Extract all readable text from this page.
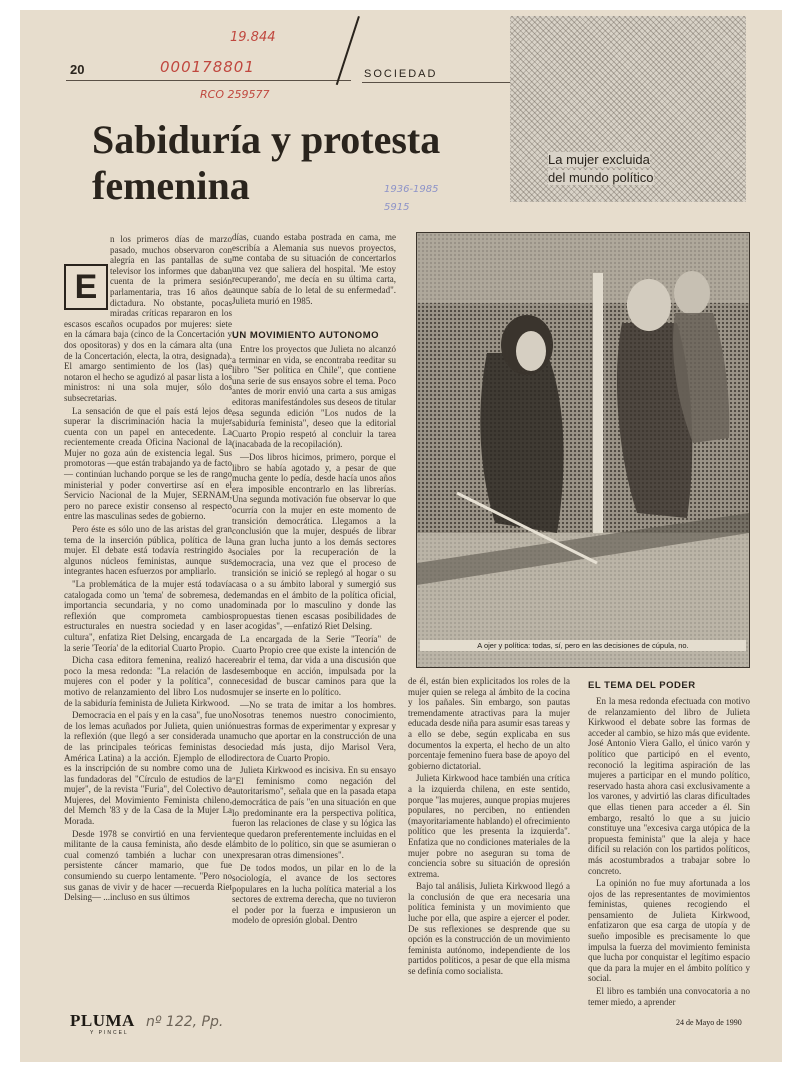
19.844
000178801
RCO 259577
1936-1985
20	SOCIEDAD
La mujer excluida
del mundo político
Sabiduría y protesta
femenina
E

n los primeros días de marzo pasado, muchos observaron con alegría en las pantallas de su televisor los informes que daban cuenta de la primera sesión parlamentaria, tras 16 años de dictadura. No obstante, pocas miradas críticas repararon en los escasos escaños ocupados por mujeres: siete en la cámara baja (cinco de la Concertación y dos opositoras) y dos en la cámara alta (una de la Concertación, electa, la otra, designada). El amargo sentimiento de los (las) que notaron el hecho se agudizó al pasar lista a los ministros: ni una sola mujer, sólo dos subsecretarias.

La sensación de que el país está lejos de superar la discriminación hacia la mujer cuenta con un papel en antecedente. La recientemente creada Oficina Nacional de la Mujer no goza aún de existencia legal. Sus promotoras —que están trabajando ya de facto— continúan luchando porque se les de rango ministerial y poder convertirse así en el Servicio Nacional de la Mujer, SERNAM, pero no parece existir consenso al respecto entre las masculinas sedes de gobierno.

Pero éste es sólo uno de las aristas del gran tema de la inserción pública, política de la mujer. El debate está todavía restringido a algunos núcleos feministas, aunque sus integrantes hacen esfuerzos por ampliarlo.

"La problemática de la mujer está todavía catalogada como un 'tema' de sobremesa, de importancia secundaria, y no como una reflexión que comprometa cambios estructurales en nuestra sociedad y en la cultura", enfatiza Riet Delsing, encargada de la serie 'Teoría' de la editorial Cuarto Propio.

Dicha casa editora femenina, realizó hace poco la mesa redonda: "La relación de las mujeres con el poder y la política", con motivo de relanzamiento del libro Los nudos de la sabiduría feminista de Julieta Kirkwood.

Democracia en el país y en la casa", fue uno de los lemas acuñados por Julieta, quien unió la reflexión (que llegó a ser considerada una de las principales teóricas feministas de América Latina) a la acción. Ejemplo de ello es la inscripción de su nombre como una de las fundadoras del "Círculo de estudios de la mujer", de la revista "Furia", del Colectivo de Mujeres, del Movimiento Feminista chileno, del Memch '83 y de la Casa de la Mujer La Morada.

Desde 1978 se convirtió en una ferviente militante de la causa feminista, año desde el cual comenzó también a luchar con un persistente cáncer mamario, que fue consumiendo su cuerpo lentamente. "Pero no sus ganas de vivir y de hacer —recuerda Riet Delsing— ...incluso en sus últimos

días, cuando estaba postrada en cama, me escribía a Alemania sus nuevos proyectos, me contaba de su situación de concertarlos una vez que saliera del hospital. 'Me estoy recuperando', me decía en su última carta, aunque sabía de lo letal de su enfermedad". Julieta murió en 1985.

5915
UN MOVIMIENTO AUTONOMO

Entre los proyectos que Julieta no alcanzó a terminar en vida, se encontraba reeditar su libro "Ser política en Chile", que contiene una serie de sus ensayos sobre el tema. Poco antes de morir envió una carta a sus amigas editoras manifestándoles sus deseos de titular esa segunda edición "Los nudos de la sabiduría feminista", deseo que la editorial Cuarto Propio respetó al concluir la tarea (inacabada de la recopilación).

—Dos libros hicimos, primero, porque el libro se había agotado y, a pesar de que mucha gente lo pedía, desde hacía unos años era imposible encontrarlo en las librerías. Una segunda motivación fue observar lo que ocurría con la mujer en este momento de transición democrática. Llegamos a la conclusión que la mujer, después de librar una gran lucha junto a los demás sectores sociales por la recuperación de la democracia, una vez que el proceso de transición se inició se replegó al hogar o su casa o a su ámbito laboral y sumergió sus demandas en el ámbito de la política oficial, dominada por lo masculino y donde las propuestas tienen escasas posibilidades de ser acogidas", —enfatizó Riet Delsing.

La encargada de la Serie "Teoría" de Cuarto Propio cree que existe la intención de reabrir el tema, dar vida a una discusión que desemboque en acción, impulsada por la necesidad de buscar caminos para que la mujer se inserte en lo político.

—No se trata de imitar a los hombres. Nosotras tenemos nuestro conocimiento, nuestras formas de experimentar y expresar y mucho que aportar en la construcción de una sociedad más justa, dijo Marisol Vera, directora de Cuarto Propio.

Julieta Kirkwood es incisiva. En su ensayo "El feminismo como negación del autoritarismo", señala que en la pasada etapa democrática de país "en una situación en que lo predominante era la perspectiva política, fueron las relaciones de clase y su lógica las que quedaron preferentemente incluidas en el ámbito de lo político, sin que se asumieran o expresaran otras dimensiones".

De todos modos, un pilar en lo de la sociología, el avance de los sectores populares en la lucha política material a los sectores de extrema derecha, que no tuvieron el poder por la fuerza e impusieron un modelo de opresión global. Dentro

A ojer y política: todas, sí, pero en las decisiones de cúpula, no.

de él, están bien explicitados los roles de la mujer quien se relega al ámbito de la cocina y los pañales. Sin embargo, son pautas tremendamente atractivas para la mujer educada desde niña para asumir esas tareas y a ello se debe, según explicaba en sus documentos la experta, el hecho de un alto porcentaje femenino fuera base de apoyo del gobierno dictatorial.

Julieta Kirkwood hace también una crítica a la izquierda chilena, en este sentido, porque "las mujeres, aunque propias mujeres populares, no perciben, no entienden (mayoritariamente hablando) el ofrecimiento político que les presenta la izquierda". Enfatiza que no condiciones materiales de la mujer pobre no aseguran su toma de conciencia sobre su situación de opresión extrema.

Bajo tal análisis, Julieta Kirkwood llegó a la conclusión de que era necesaria una política feminista y un movimiento que luche por ella, que aspire a ejercer el poder. De sus reflexiones se desprende que su opción es la construcción de un movimiento feminista autónomo, independiente de los partidos políticos, a pesar de que ella misma se definía como socialista.

EL TEMA DEL PODER

En la mesa redonda efectuada con motivo de relanzamiento del libro de Julieta Kirkwood el debate sobre las formas de acceder al cambio, se hizo más que evidente. José Antonio Viera Gallo, el único varón y político que participó en el evento, reconoció la legitima aspiración de las mujeres a participar en el mundo político, reservado hasta ahora casi exclusivamente a los varones, y advirtió las claras dificultades que ellas tienen para acceder a él. Sin embargo, resaltó lo que a su juicio constituye una "excesiva carga utópica de la propuesta feminista" que la aleja y hace difícil su relación con los partidos políticos, más acostumbrados a trabajar sobre lo concreto.

La opinión no fue muy afortunada a los ojos de las representantes de movimientos feministas, quienes recogiendo el pensamiento de Julieta Kirkwood, enfatizaron que esa carga de utopía y de sueño imposible es precisamente lo que impulsa la fuerza del movimiento feminista que lucha por conquistar el legítimo espacio que da para la mujer en el ámbito político y social.

El libro es también una convocatoria a no temer miedo, a aprender

PLUMA
Y PINCEL
nº 122, Pp.	24 de Mayo de 1990
